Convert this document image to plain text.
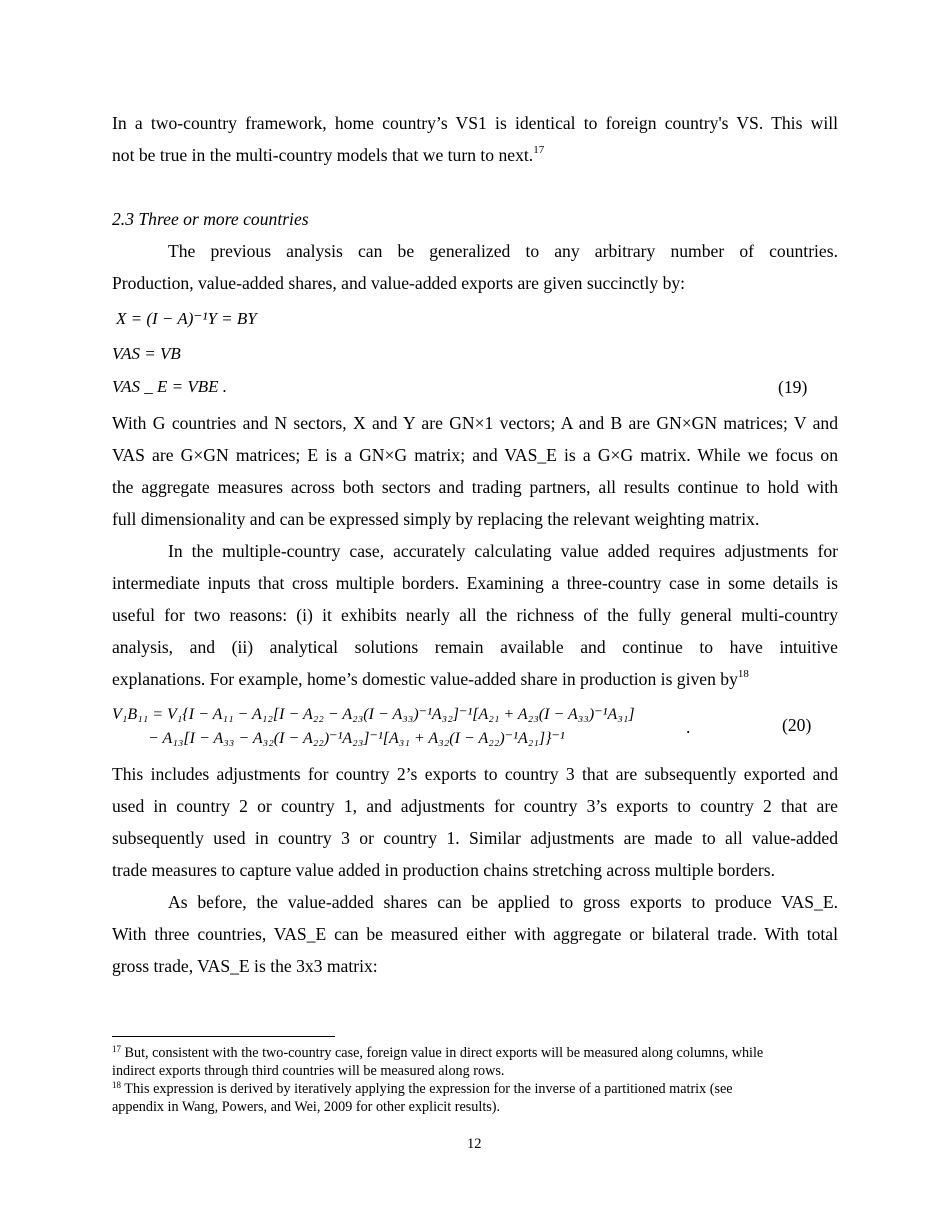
In a two-country framework, home country’s VS1 is identical to foreign country's VS. This will
not be true in the multi-country models that we turn to next.$^{17}$
2.3 Three or more countries
The previous analysis can be generalized to any arbitrary number of countries.
Production, value-added shares, and value-added exports are given succinctly by:
X = (I − A)⁻¹Y = BY
VAS = VB
VAS _ E = VBE .	(19)
With G countries and N sectors, X and Y are GN×1 vectors; A and B are GN×GN matrices; V and
VAS are G×GN matrices; E is a GN×G matrix; and VAS_E is a G×G matrix. While we focus on
the aggregate measures across both sectors and trading partners, all results continue to hold with
full dimensionality and can be expressed simply by replacing the relevant weighting matrix.
In the multiple-country case, accurately calculating value added requires adjustments for
intermediate inputs that cross multiple borders. Examining a three-country case in some details is
useful for two reasons: (i) it exhibits nearly all the richness of the fully general multi-country
analysis, and (ii) analytical solutions remain available and continue to have intuitive
explanations. For example, home’s domestic value-added share in production is given $by^{18}$
V₁B₁₁ = V₁{I − A₁₁ − A₁₂[I − A₂₂ − A₂₃(I − A₃₃)⁻¹A₃₂]⁻¹[A₂₁ + A₂₃(I − A₃₃)⁻¹A₃₁]
− A₁₃[I − A₃₃ − A₃₂(I − A₂₂)⁻¹A₂₃]⁻¹[A₃₁ + A₃₂(I − A₂₂)⁻¹A₂₁]}⁻¹
.	(20)
This includes adjustments for country 2’s exports to country 3 that are subsequently exported and
used in country 2 or country 1, and adjustments for country 3’s exports to country 2 that are
subsequently used in country 3 or country 1. Similar adjustments are made to all value-added
trade measures to capture value added in production chains stretching across multiple borders.
As before, the value-added shares can be applied to gross exports to produce VAS_E.
With three countries, VAS_E can be measured either with aggregate or bilateral trade. With total
gross trade, VAS_E is the 3x3 matrix:
$^{17}$ But, consistent with the two-country case, foreign value in direct exports will be measured along columns, while
indirect exports through third countries will be measured along rows.
$^{18}$ This expression is derived by iteratively applying the expression for the inverse of a partitioned matrix (see
appendix in Wang, Powers, and Wei, 2009 for other explicit results).
12
